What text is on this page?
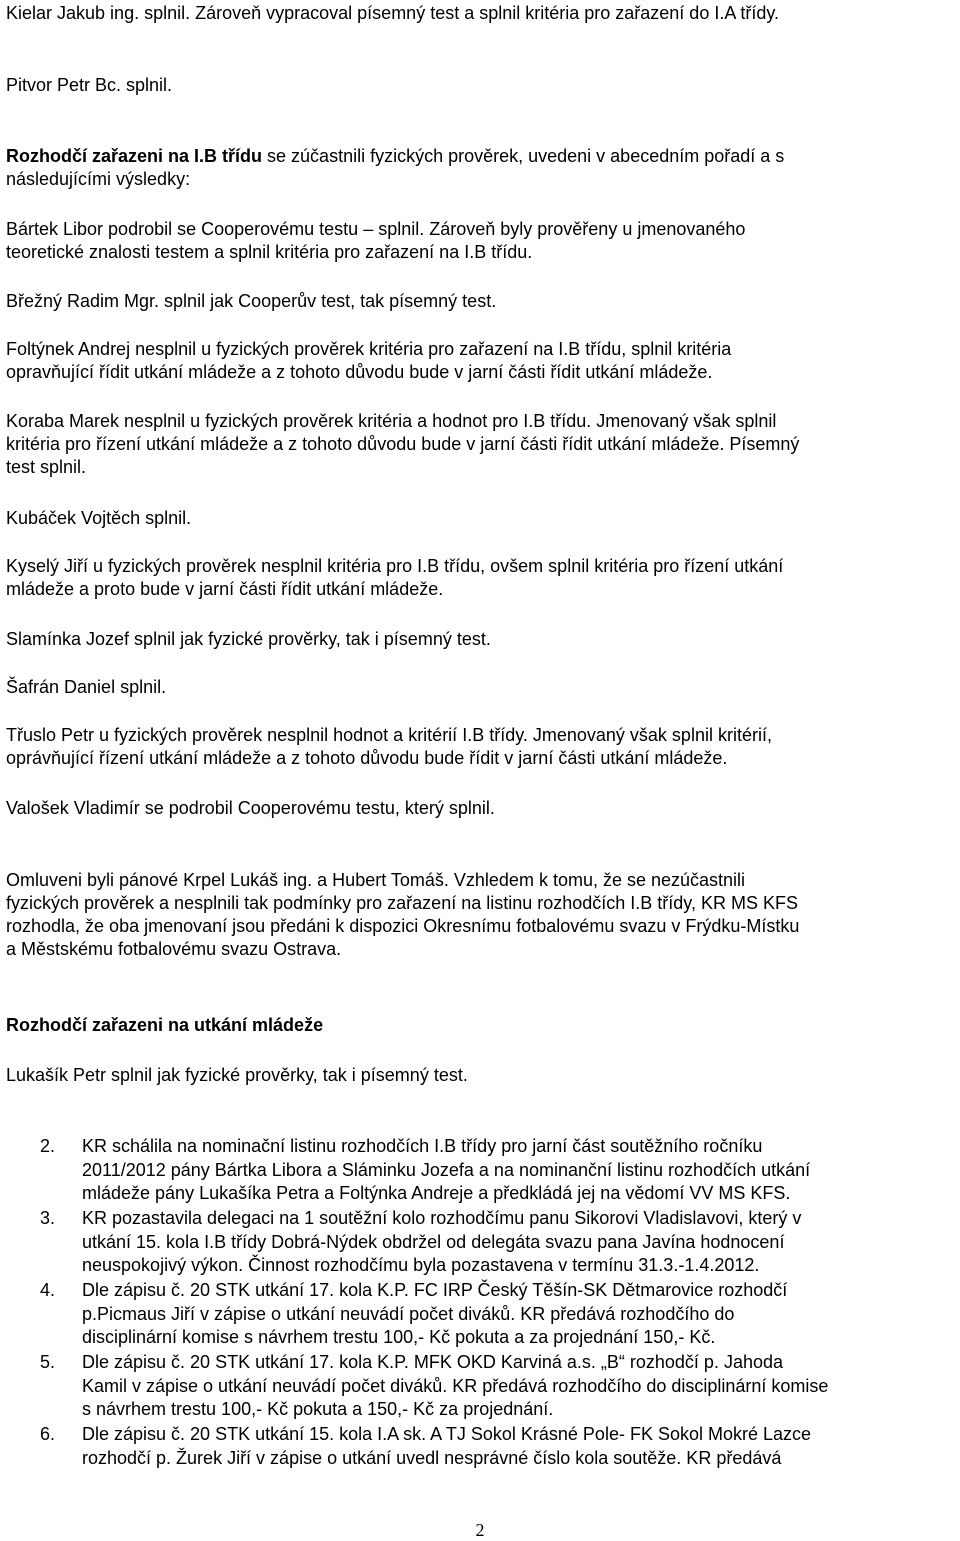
Kielar Jakub ing. splnil. Zároveň vypracoval písemný test a splnil kritéria pro zařazení do I.A třídy.

Pitvor Petr Bc. splnil.

Rozhodčí zařazeni na I.B třídu se zúčastnili fyzických prověrek, uvedeni v abecedním pořadí a s
následujícími výsledky:

Bártek Libor podrobil se Cooperovému testu – splnil. Zároveň byly prověřeny u jmenovaného
teoretické znalosti testem a splnil kritéria pro zařazení na I.B třídu.

Břežný Radim Mgr. splnil jak Cooperův test, tak písemný test.

Foltýnek Andrej nesplnil u fyzických prověrek kritéria pro zařazení na I.B třídu, splnil kritéria
opravňující řídit utkání mládeže a z tohoto důvodu bude v jarní části řídit utkání mládeže.

Koraba Marek nesplnil u fyzických prověrek kritéria a hodnot pro I.B třídu. Jmenovaný však splnil
kritéria pro řízení utkání mládeže a z tohoto důvodu bude v jarní části řídit utkání mládeže. Písemný
test splnil.

Kubáček Vojtěch splnil.

Kyselý Jiří u fyzických prověrek nesplnil kritéria pro I.B třídu, ovšem splnil kritéria pro řízení utkání
mládeže a proto bude v jarní části řídit utkání mládeže.

Slamínka Jozef splnil jak fyzické prověrky, tak i písemný test.

Šafrán Daniel splnil.

Třuslo Petr u fyzických prověrek nesplnil hodnot a kritérií I.B třídy. Jmenovaný však splnil kritérií,
oprávňující řízení utkání mládeže a z tohoto důvodu bude řídit v jarní části utkání mládeže.

Valošek Vladimír se podrobil Cooperovému testu, který splnil.

Omluveni byli pánové Krpel Lukáš ing. a Hubert Tomáš. Vzhledem k tomu, že se nezúčastnili
fyzických prověrek a nesplnili tak podmínky pro zařazení na listinu rozhodčích I.B třídy, KR MS KFS
rozhodla, že oba jmenovaní jsou předáni k dispozici Okresnímu fotbalovému svazu v Frýdku-Místku
a Městskému fotbalovému svazu Ostrava.

Rozhodčí zařazeni na utkání mládeže

Lukašík Petr splnil jak fyzické prověrky, tak i písemný test.

2.	KR schálila na nominační listinu rozhodčích I.B třídy pro jarní část soutěžního ročníku
2011/2012 pány Bártka Libora a Sláminku Jozefa a na nominanční listinu rozhodčích utkání
mládeže pány Lukašíka Petra a Foltýnka Andreje a předkládá jej na vědomí VV MS KFS.
3.	KR pozastavila delegaci na 1 soutěžní kolo rozhodčímu panu Sikorovi Vladislavovi, který v
utkání 15. kola I.B třídy Dobrá-Nýdek obdržel od delegáta svazu pana Javína hodnocení
neuspokojivý výkon. Činnost rozhodčímu byla pozastavena v termínu 31.3.-1.4.2012.
4.	Dle zápisu č. 20 STK utkání 17. kola K.P. FC IRP Český Těšín-SK Dětmarovice rozhodčí
p.Picmaus Jiří v zápise o utkání neuvádí počet diváků. KR předává rozhodčího do
disciplinární komise s návrhem trestu 100,- Kč pokuta a za projednání 150,- Kč.
5.	Dle zápisu č. 20 STK utkání 17. kola K.P. MFK OKD Karviná a.s. „B“ rozhodčí p. Jahoda
Kamil v zápise o utkání neuvádí počet diváků. KR předává rozhodčího do disciplinární komise
s návrhem trestu 100,- Kč pokuta a 150,- Kč za projednání.
6.	Dle zápisu č. 20 STK utkání 15. kola I.A sk. A TJ Sokol Krásné Pole- FK Sokol Mokré Lazce
rozhodčí p. Žurek Jiří v zápise o utkání uvedl nesprávné číslo kola soutěže. KR předává
2
